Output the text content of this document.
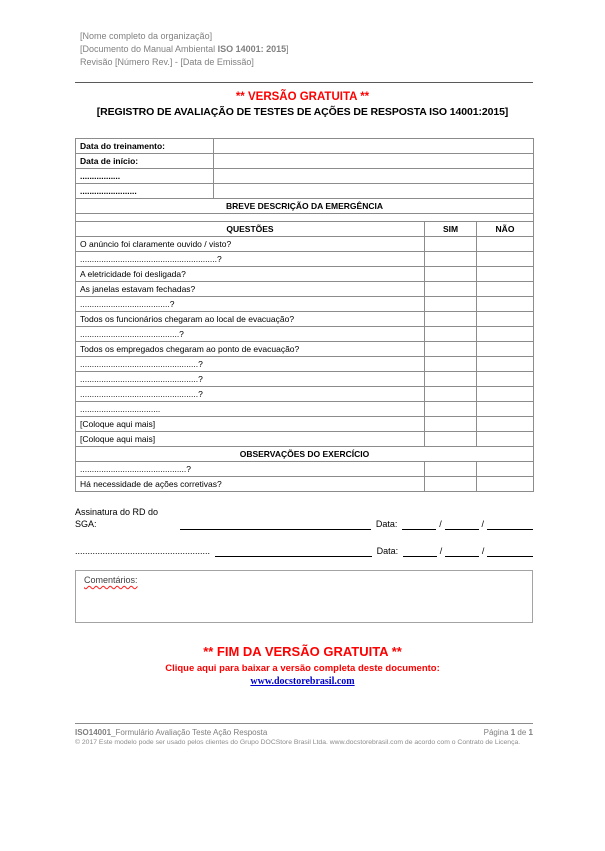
[Nome completo da organização]
[Documento do Manual Ambiental ISO 14001: 2015]
Revisão [Número Rev.] - [Data de Emissão]
** VERSÃO GRATUITA **
[REGISTRO DE AVALIAÇÃO DE TESTES DE AÇÕES DE RESPOSTA ISO 14001:2015]
Data do treinamento:			
Data de início:			
.................			
........................			
BREVE DESCRIÇÃO DA EMERGÊNCIA			

QUESTÕES		SIM	NÃO
O anúncio foi claramente ouvido / visto?			
..........................................................?			
A eletricidade foi desligada?			
As janelas estavam fechadas?			
......................................?			
Todos os funcionários chegaram ao local de evacuação?			
..........................................?			
Todos os empregados chegaram ao ponto de evacuação?			
..................................................?			
..................................................?			
..................................................?			
..................................			
[Coloque aqui mais]			
[Coloque aqui mais]			
OBSERVAÇÕES DO EXERCÍCIO			
.............................................?			
Há necessidade de ações corretivas?			
Assinatura do RD do SGA:	Data:	/	/
......................................................	Data:	/	/
Comentários:
** FIM DA VERSÃO GRATUITA **
Clique aqui para baixar a versão completa deste documento:
www.docstorebrasil.com
ISO14001_Formulário Avaliação Teste Ação Resposta	Página 1 de 1
© 2017 Este modelo pode ser usado pelos clientes do Grupo DOCStore Brasil Ltda. www.docstorebrasil.com de acordo com o Contrato de Licença.
